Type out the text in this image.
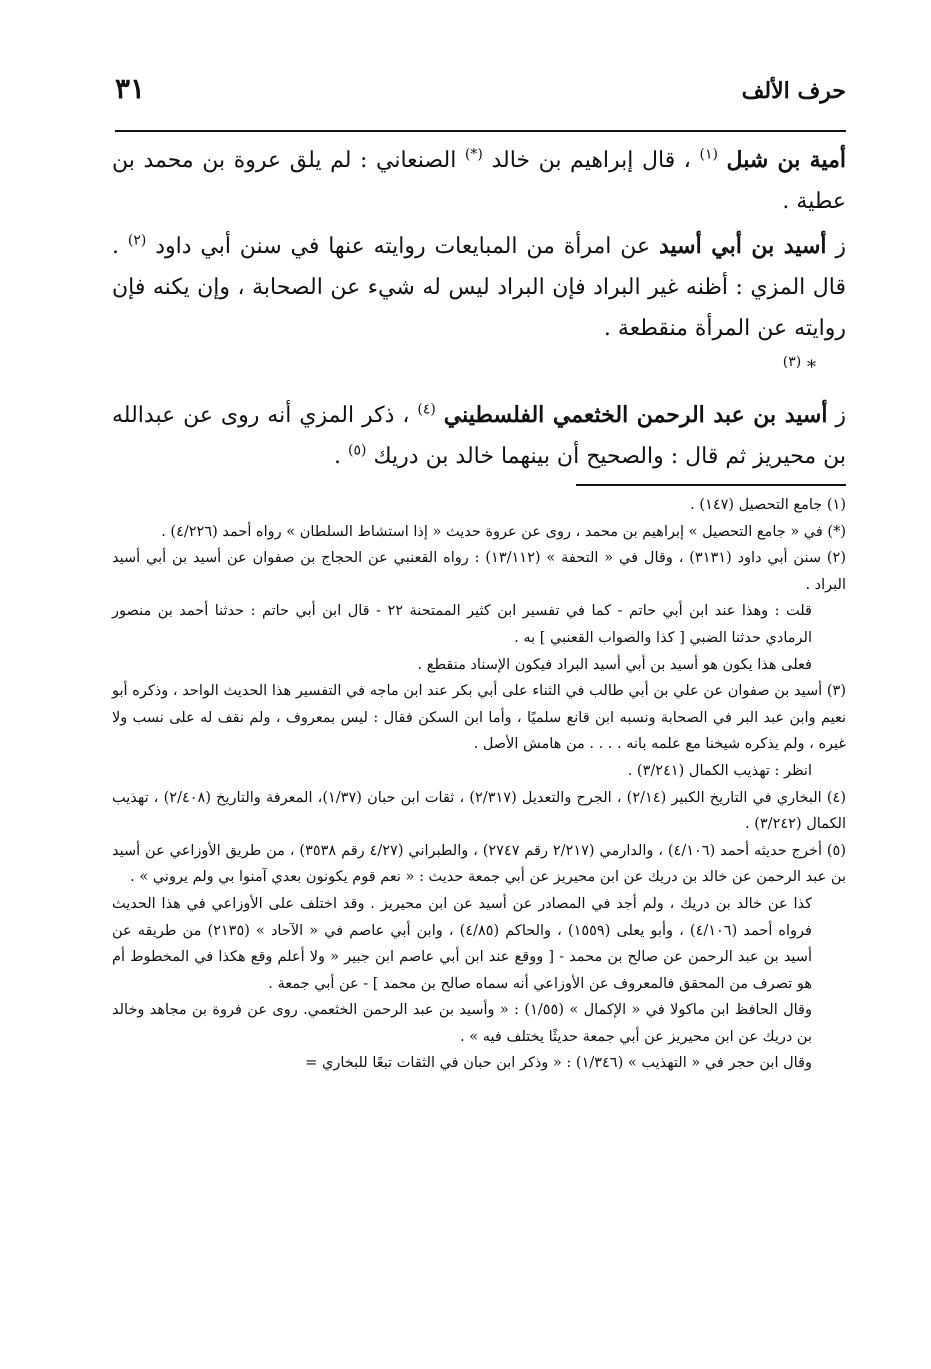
حرف الألف
٣١

أمية بن شبل $^{(١)}$ ، قال إبراهيم بن خالد (*) الصنعاني : لم يلق عروة بن محمد بن عطية .

ز أسيد بن أبي أسيد عن امرأة من المبايعات روايته عنها في سنن أبي داود $^{(٢)}$ . قال المزي : أظنه غير البراد فإن البراد ليس له شيء عن الصحابة ، وإن يكنه فإن روايته عن المرأة منقطعة .

* $^{(٣)}$

ز أسيد بن عبد الرحمن الخثعمي الفلسطيني $^{(٤)}$ ، ذكر المزي أنه روى عن عبدالله بن محيريز ثم قال : والصحيح أن بينهما خالد بن دريك $^{(٥)}$ .

(١) جامع التحصيل (١٤٧) .

(*) في « جامع التحصيل » إبراهيم بن محمد ، روى عن عروة حديث « إذا استشاط السلطان » رواه أحمد (٤/٢٢٦) .

(٢) سنن أبي داود (٣١٣١) ، وقال في « التحفة » (١٣/١١٢) : رواه القعنبي عن الحجاج بن صفوان عن أسيد بن أبي أسيد البراد .

قلت : وهذا عند ابن أبي حاتم - كما في تفسير ابن كثير الممتحنة ٢٢ - قال ابن أبي حاتم : حدثنا أحمد بن منصور الرمادي حدثنا الضبي [ كذا والصواب القعنبي ] به .

فعلى هذا يكون هو أسيد بن أبي أسيد البراد فيكون الإسناد منقطع .

(٣) أسيد بن صفوان عن علي بن أبي طالب في الثناء على أبي بكر عند ابن ماجه في التفسير هذا الحديث الواحد ، وذكره أبو نعيم وابن عبد البر في الصحابة ونسبه ابن قانع سلميًا ، وأما ابن السكن فقال : ليس بمعروف ، ولم نقف له على نسب ولا غيره ، ولم يذكره شيخنا مع علمه بانه . . . . من هامش الأصل .

انظر : تهذيب الكمال (٣/٢٤١) .

(٤) البخاري في التاريخ الكبير (٢/١٤) ، الجرح والتعديل (٢/٣١٧) ، ثقات ابن حبان (١/٣٧)، المعرفة والتاريخ (٢/٤٠٨) ، تهذيب الكمال (٣/٢٤٢) .

(٥) أخرج حديثه أحمد (٤/١٠٦) ، والدارمي (٢/٢١٧ رقم ٢٧٤٧) ، والطبراني (٤/٢٧ رقم ٣٥٣٨) ، من طريق الأوزاعي عن أسيد بن عبد الرحمن عن خالد بن دريك عن ابن محيريز عن أبي جمعة حديث : « نعم قوم يكونون بعدي آمنوا بي ولم يروني » .

كذا عن خالد بن دريك ، ولم أجد في المصادر عن أسيد عن ابن محيريز . وقد اختلف على الأوزاعي في هذا الحديث فرواه أحمد (٤/١٠٦) ، وأبو يعلى (١٥٥٩) ، والحاكم (٤/٨٥) ، وابن أبي عاصم في « الآحاد » (٢١٣٥) من طريقه عن أسيد بن عبد الرحمن عن صالح بن محمد - [ ووقع عند ابن أبي عاصم ابن جبير « ولا أعلم وقع هكذا في المخطوط أم هو تصرف من المحقق فالمعروف عن الأوزاعي أنه سماه صالح بن محمد ] - عن أبي جمعة .

وقال الحافظ ابن ماكولا في « الإكمال » (١/٥٥) : « وأسيد بن عبد الرحمن الخثعمي. روى عن فروة بن مجاهد وخالد بن دريك عن ابن محيريز عن أبي جمعة حديثًا يختلف فيه » .

وقال ابن حجر في « التهذيب » (١/٣٤٦) : « وذكر ابن حبان في الثقات تبعًا للبخاري =
